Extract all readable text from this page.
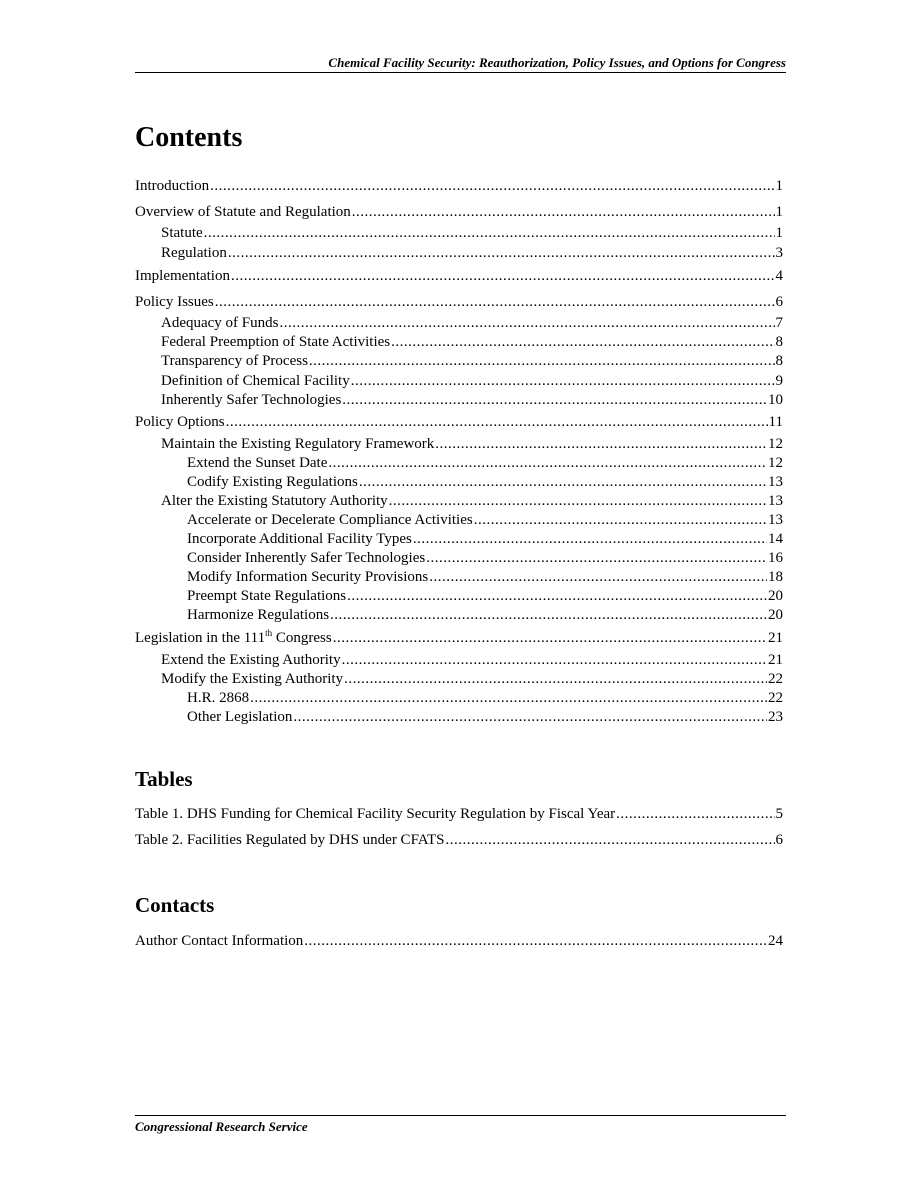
Chemical Facility Security: Reauthorization, Policy Issues, and Options for Congress
Contents
Introduction .....	1
Overview of Statute and Regulation .....	1
Statute .....	1
Regulation .....	3
Implementation .....	4
Policy Issues .....	6
Adequacy of Funds .....	7
Federal Preemption of State Activities .....	8
Transparency of Process .....	8
Definition of Chemical Facility .....	9
Inherently Safer Technologies .....	10
Policy Options .....	11
Maintain the Existing Regulatory Framework .....	12
Extend the Sunset Date .....	12
Codify Existing Regulations .....	13
Alter the Existing Statutory Authority .....	13
Accelerate or Decelerate Compliance Activities .....	13
Incorporate Additional Facility Types .....	14
Consider Inherently Safer Technologies .....	16
Modify Information Security Provisions .....	18
Preempt State Regulations .....	20
Harmonize Regulations .....	20
Legislation in the 111th Congress .....	21
Extend the Existing Authority .....	21
Modify the Existing Authority .....	22
H.R. 2868 .....	22
Other Legislation .....	23
Tables
Table 1. DHS Funding for Chemical Facility Security Regulation by Fiscal Year .....	5
Table 2. Facilities Regulated by DHS under CFATS .....	6
Contacts
Author Contact Information .....	24
Congressional Research Service
